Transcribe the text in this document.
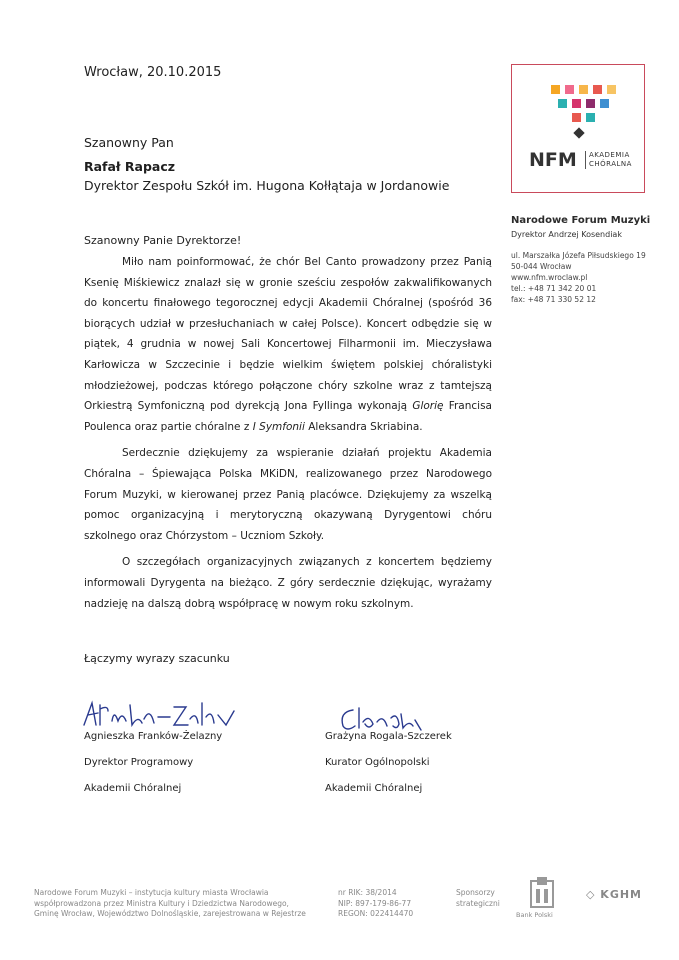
Wrocław, 20.10.2015
Szanowny Pan
Rafał Rapacz
Dyrektor Zespołu Szkół im. Hugona Kołłątaja w Jordanowie
NFM AKADEMIA
CHÓRALNA
Narodowe Forum Muzyki
Dyrektor Andrzej Kosendiak
ul. Marszałka Józefa Piłsudskiego 19
50-044 Wrocław
www.nfm.wroclaw.pl
tel.: +48 71 342 20 01
fax: +48 71 330 52 12
Szanowny Panie Dyrektorze!

Miło nam poinformować, że chór Bel Canto prowadzony przez Panią Ksenię Miśkiewicz znalazł się w gronie sześciu zespołów zakwalifikowanych do koncertu finałowego tegorocznej edycji Akademii Chóralnej (spośród 36 biorących udział w przesłuchaniach w całej Polsce). Koncert odbędzie się w piątek, 4 grudnia w nowej Sali Koncertowej Filharmonii im. Mieczysława Karłowicza w Szczecinie i będzie wielkim świętem polskiej chóralistyki młodzieżowej, podczas którego połączone chóry szkolne wraz z tamtejszą Orkiestrą Symfoniczną pod dyrekcją Jona Fyllinga wykonają Glorię Francisa Poulenca oraz partie chóralne z I Symfonii Aleksandra Skriabina.

Serdecznie dziękujemy za wspieranie działań projektu Akademia Chóralna – Śpiewająca Polska MKiDN, realizowanego przez Narodowego Forum Muzyki, w kierowanej przez Panią placówce. Dziękujemy za wszelką pomoc organizacyjną i merytoryczną okazywaną Dyrygentowi chóru szkolnego oraz Chórzystom – Uczniom Szkoły.

O szczegółach organizacyjnych związanych z koncertem będziemy informowali Dyrygenta na bieżąco. Z góry serdecznie dziękując, wyrażamy nadzieję na dalszą dobrą współpracę w nowym roku szkolnym.

Łączymy wyrazy szacunku
Agnieszka Franków-Żelazny
Dyrektor Programowy
Akademii Chóralnej
Grażyna Rogala-Szczerek
Kurator Ogólnopolski
Akademii Chóralnej
Narodowe Forum Muzyki – instytucja kultury miasta Wrocławia
współprowadzona przez Ministra Kultury i Dziedzictwa Narodowego,
Gminę Wrocław, Województwo Dolnośląskie, zarejestrowana w Rejestrze
nr RIK: 38/2014
NIP: 897-179-86-77
REGON: 022414470
Sponsorzy
strategiczni
Bank Polski
◇ KGHM
